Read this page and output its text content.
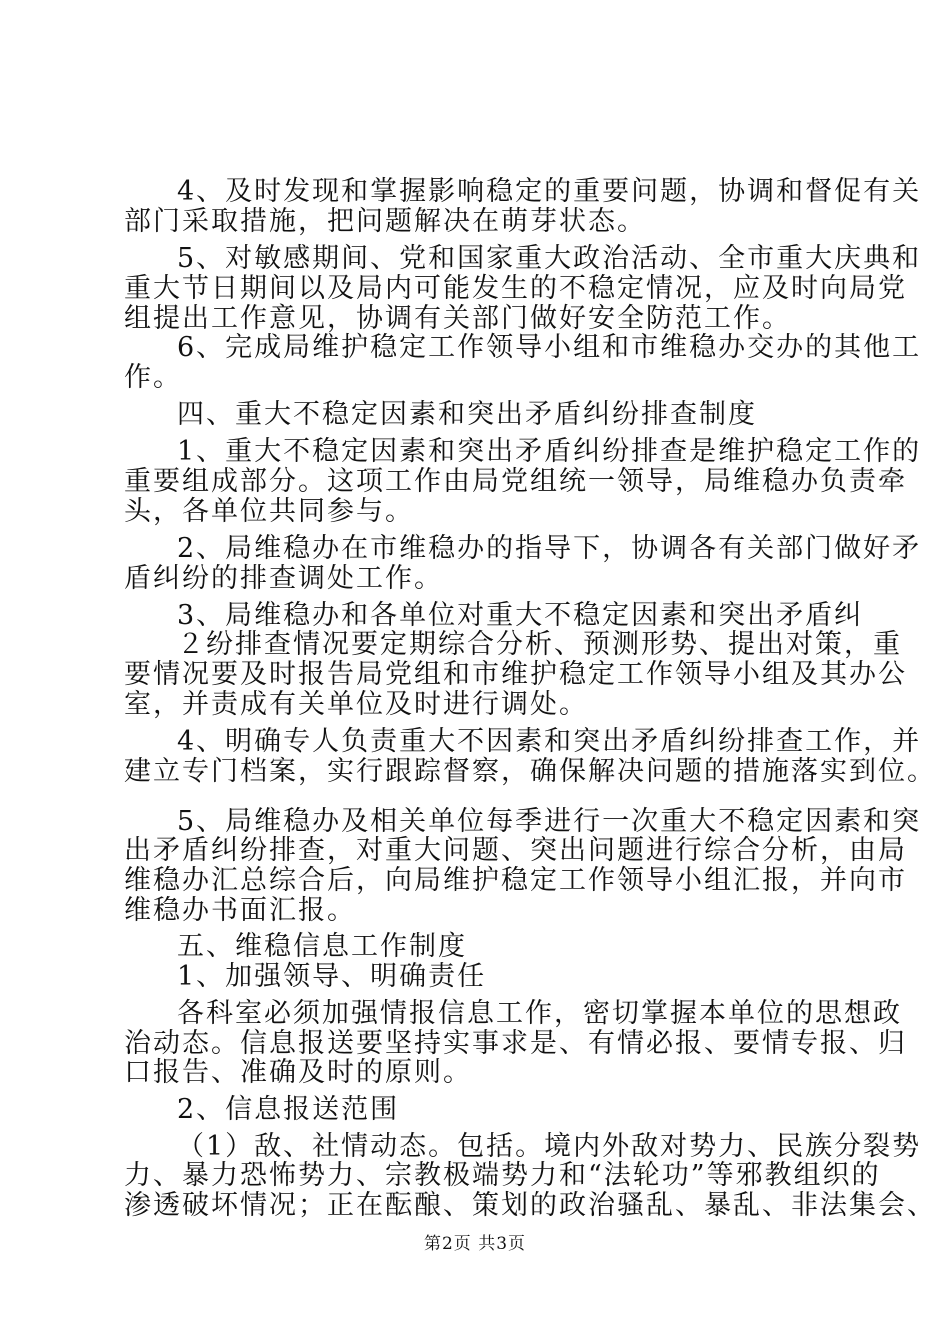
4、及时发现和掌握影响稳定的重要问题，协调和督促有关
部门采取措施，把问题解决在萌芽状态。
5、对敏感期间、党和国家重大政治活动、全市重大庆典和
重大节日期间以及局内可能发生的不稳定情况，应及时向局党
组提出工作意见，协调有关部门做好安全防范工作。
6、完成局维护稳定工作领导小组和市维稳办交办的其他工
作。
四、重大不稳定因素和突出矛盾纠纷排查制度
1、重大不稳定因素和突出矛盾纠纷排查是维护稳定工作的
重要组成部分。这项工作由局党组统一领导，局维稳办负责牵
头，各单位共同参与。
2、局维稳办在市维稳办的指导下，协调各有关部门做好矛
盾纠纷的排查调处工作。
3、局维稳办和各单位对重大不稳定因素和突出矛盾纠
２纷排查情况要定期综合分析、预测形势、提出对策，重
要情况要及时报告局党组和市维护稳定工作领导小组及其办公
室，并责成有关单位及时进行调处。
4、明确专人负责重大不因素和突出矛盾纠纷排查工作，并
建立专门档案，实行跟踪督察，确保解决问题的措施落实到位。
5、局维稳办及相关单位每季进行一次重大不稳定因素和突
出矛盾纠纷排查，对重大问题、突出问题进行综合分析，由局
维稳办汇总综合后，向局维护稳定工作领导小组汇报，并向市
维稳办书面汇报。
五、维稳信息工作制度
1、加强领导、明确责任
各科室必须加强情报信息工作，密切掌握本单位的思想政
治动态。信息报送要坚持实事求是、有情必报、要情专报、归
口报告、准确及时的原则。
2、信息报送范围
（1）敌、社情动态。包括。境内外敌对势力、民族分裂势
力、暴力恐怖势力、宗教极端势力和“法轮功”等邪教组织的
渗透破坏情况；正在酝酿、策划的政治骚乱、暴乱、非法集会、
第2页 共3页
